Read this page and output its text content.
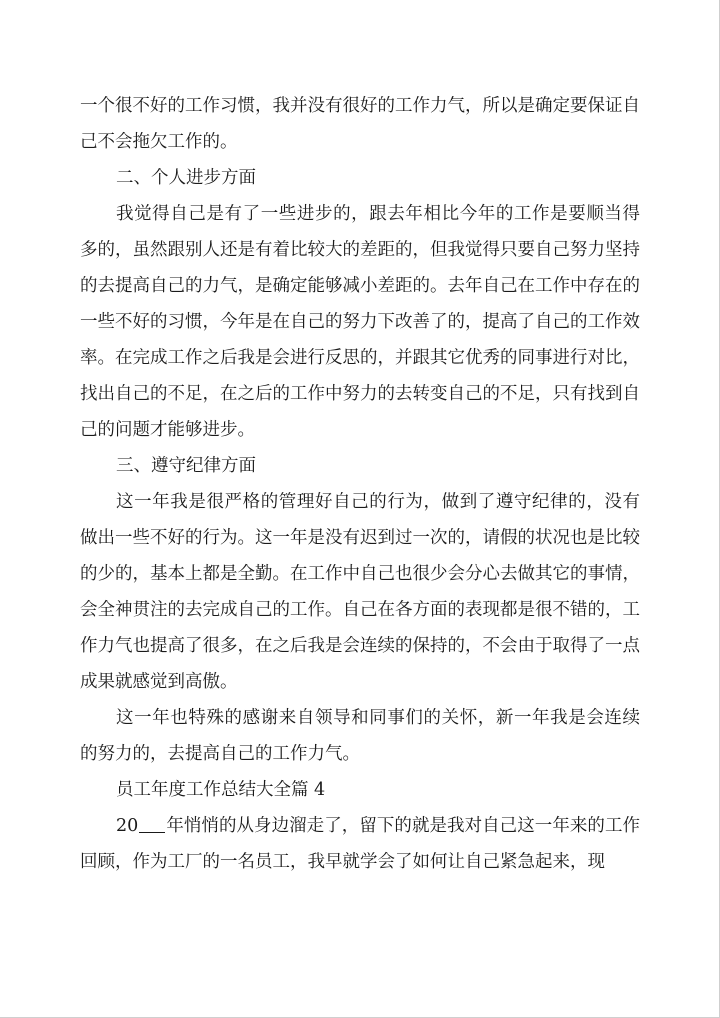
一个很不好的工作习惯，我并没有很好的工作力气，所以是确定要保证自己不会拖欠工作的。

二、个人进步方面

我觉得自己是有了一些进步的，跟去年相比今年的工作是要顺当得多的，虽然跟别人还是有着比较大的差距的，但我觉得只要自己努力坚持的去提高自己的力气，是确定能够减小差距的。去年自己在工作中存在的一些不好的习惯，今年是在自己的努力下改善了的，提高了自己的工作效率。在完成工作之后我是会进行反思的，并跟其它优秀的同事进行对比，找出自己的不足，在之后的工作中努力的去转变自己的不足，只有找到自己的问题才能够进步。

三、遵守纪律方面

这一年我是很严格的管理好自己的行为，做到了遵守纪律的，没有做出一些不好的行为。这一年是没有迟到过一次的，请假的状况也是比较的少的，基本上都是全勤。在工作中自己也很少会分心去做其它的事情，会全神贯注的去完成自己的工作。自己在各方面的表现都是很不错的，工作力气也提高了很多，在之后我是会连续的保持的，不会由于取得了一点成果就感觉到高傲。

这一年也特殊的感谢来自领导和同事们的关怀，新一年我是会连续的努力的，去提高自己的工作力气。

员工年度工作总结大全篇 4

20 年悄悄的从身边溜走了，留下的就是我对自己这一年来的工作回顾，作为工厂的一名员工，我早就学会了如何让自己紧急起来，现
